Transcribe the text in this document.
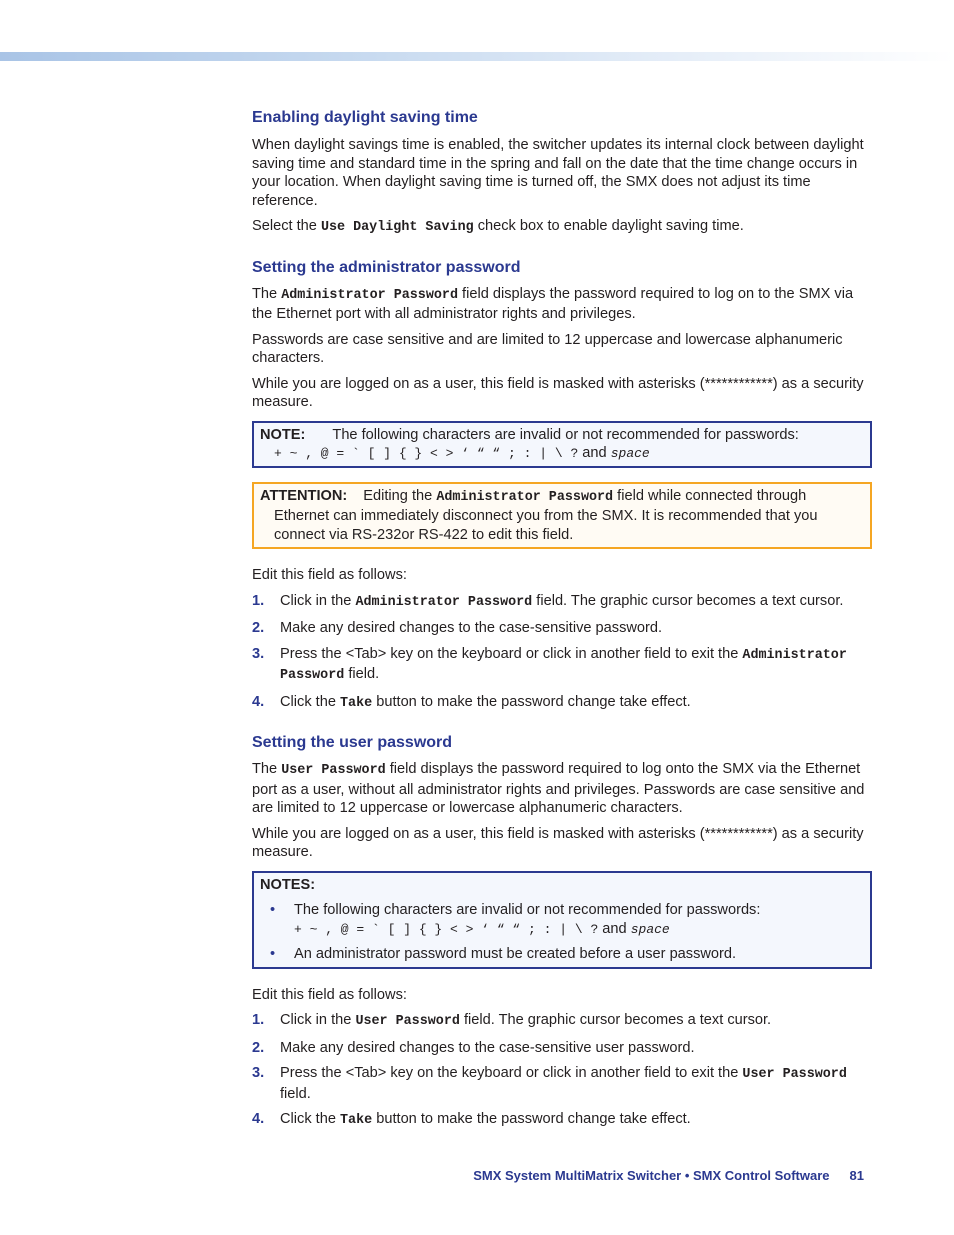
Enabling daylight saving time

When daylight savings time is enabled, the switcher updates its internal clock between daylight saving time and standard time in the spring and fall on the date that the time change occurs in your location. When daylight saving time is turned off, the SMX does not adjust its time reference.

Select the Use Daylight Saving check box to enable daylight saving time.

Setting the administrator password

The Administrator Password field displays the password required to log on to the SMX via the Ethernet port with all administrator rights and privileges.

Passwords are case sensitive and are limited to 12 uppercase and lowercase alphanumeric characters.

While you are logged on as a user, this field is masked with asterisks (************) as a security measure.

NOTE: The following characters are invalid or not recommended for passwords:
+ ~ , @ = ` [ ] { } < > ‘ “ “ ; : | \ ? and space
ATTENTION: Editing the Administrator Password field while connected through Ethernet can immediately disconnect you from the SMX. It is recommended that you connect via RS-232or RS-422 to edit this field.

Edit this field as follows:

1. Click in the Administrator Password field. The graphic cursor becomes a text cursor.
2. Make any desired changes to the case-sensitive password.
3. Press the <Tab> key on the keyboard or click in another field to exit the Administrator Password field.
4. Click the Take button to make the password change take effect.
Setting the user password

The User Password field displays the password required to log onto the SMX via the Ethernet port as a user, without all administrator rights and privileges. Passwords are case sensitive and are limited to 12 uppercase or lowercase alphanumeric characters.

While you are logged on as a user, this field is masked with asterisks (************) as a security measure.

NOTES:
• The following characters are invalid or not recommended for passwords:
+ ~ , @ = ` [ ] { } < > ‘ “ “ ; : | \ ? and space
• An administrator password must be created before a user password.

Edit this field as follows:

1. Click in the User Password field. The graphic cursor becomes a text cursor.
2. Make any desired changes to the case-sensitive user password.
3. Press the <Tab> key on the keyboard or click in another field to exit the User Password field.
4. Click the Take button to make the password change take effect.
SMX System MultiMatrix Switcher • SMX Control Software 81
